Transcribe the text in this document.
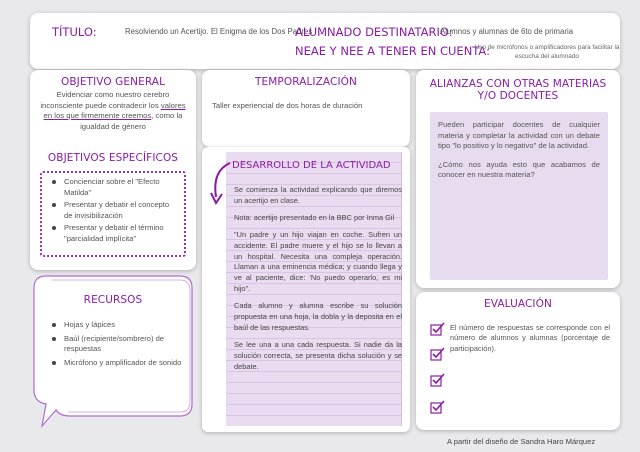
TÍTULO:	Resolviendo un Acertijo. El Enigma de los Dos Padres
ALUMNADO DESTINATARIO:
Alumnos y alumnas de 6to de primaria
NEAE Y NEE A TENER EN CUENTA:
Uso de micrófonos o amplificadores para facilitar la escucha del alumnado
OBJETIVO GENERAL
Evidenciar como nuestro cerebro inconsciente puede contradecir los valores en los que firmemente creemos, como la igualdad de género
OBJETIVOS ESPECÍFICOS
Concienciar sobre el "Efecto Matilda"
Presentar y debatir el concepto de invisibilización
Presentar y debatir el término "parcialidad implícita"
RECURSOS
Hojas y lápices
Baúl (recipiente/sombrero) de respuestas
Micrófono y amplificador de sonido
TEMPORALIZACIÓN
Taller experiencial de dos horas de duración
DESARROLLO DE LA ACTIVIDAD

Se comienza la actividad explicando que diremos un acertijo en clase.

Nota: acertijo presentado en la BBC por Inma Gil

"Un padre y un hijo viajan en coche. Sufren un accidente. El padre muere y el hijo se lo llevan a un hospital. Necesita una compleja operación. Llaman a una eminencia médica; y cuando llega y ve al paciente, dice: 'No puedo operarlo, es mi hijo".

Cada alumno y alumna escribe su solución propuesta en una hoja, la dobla y la deposita en el baúl de las respuestas.

Se lee una a una cada respuesta. Si nadie da la solución correcta, se presenta dicha solución y se debate.

ALIANZAS CON OTRAS MATERIAS
Y/O DOCENTES

Pueden participar docentes de cualquier materia y completar la actividad con un debate tipo "lo positivo y lo negativo" de la actividad.

¿Cómo nos ayuda esto que acabamos de conocer en nuestra materia?

EVALUACIÓN
El número de respuestas se corresponde con el número de alumnos y alumnas (porcentaje de participación).
A partir del diseño de Sandra Haro Márquez
